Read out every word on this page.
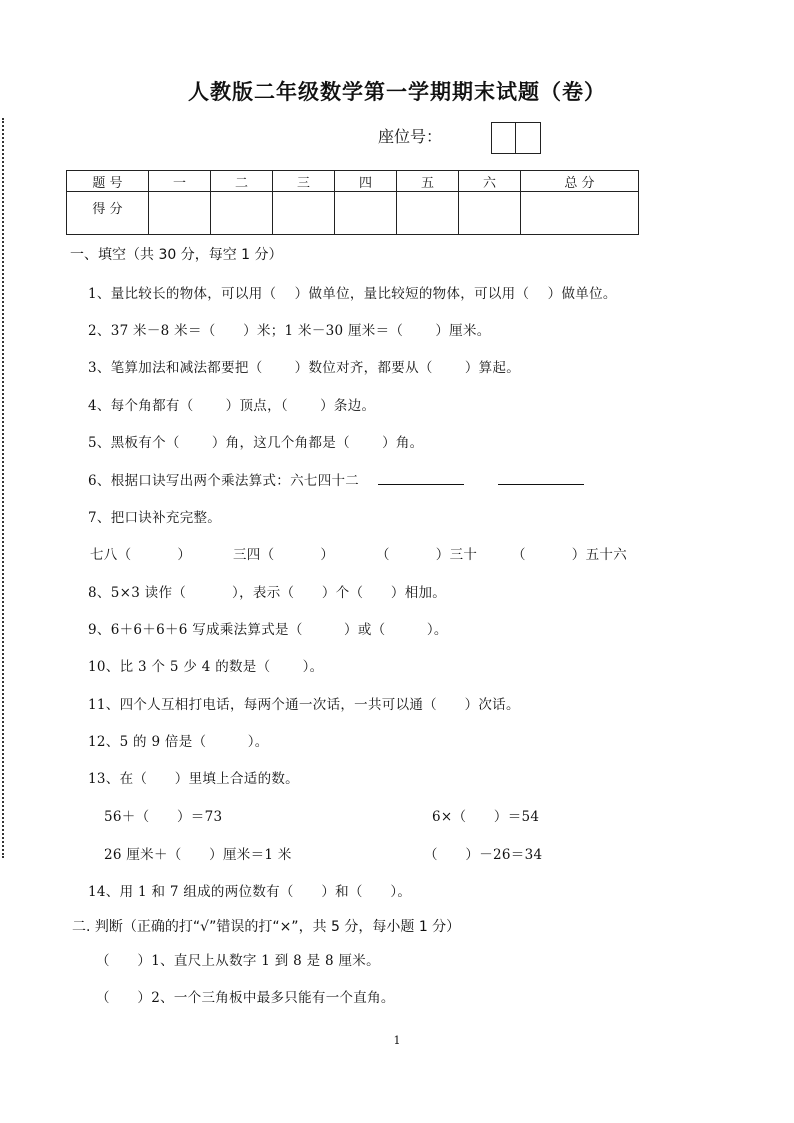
人教版二年级数学第一学期期末试题（卷）
座位号：
题 号	一	二	三	四	五	六	总 分
得 分							
一、填空（共 30 分，每空 1 分）
1、量比较长的物体，可以用（　 ）做单位，量比较短的物体，可以用（　 ）做单位。
2、37 米－8 米＝（　　）米；1 米－30 厘米＝（　　 ）厘米。
3、笔算加法和减法都要把（　　 ）数位对齐，都要从（　　 ）算起。
4、每个角都有（　　 ）顶点，（　　 ）条边。
5、黑板有个（　　 ）角，这几个角都是（　　 ）角。
6、根据口诀写出两个乘法算式：六七四十二
7、把口诀补充完整。
七八（　　　 ）	三四（　　　 ）	（　　　 ）三十	（　　　 ）五十六
8、5×3 读作（　　　 ），表示（　　）个（　　）相加。
9、6＋6＋6＋6 写成乘法算式是（　　　）或（　　　）。
10、比 3 个 5 少 4 的数是（　　 ）。
11、四个人互相打电话，每两个通一次话，一共可以通（　　）次话。
12、5 的 9 倍是（　　　）。
13、在（　　）里填上合适的数。
56＋（　　）＝73	6×（　　）＝54
26 厘米＋（　　）厘米＝1 米	（　　）－26＝34
14、用 1 和 7 组成的两位数有（　　）和（　　）。
二. 判断（正确的打“√”错误的打“×”，共 5 分，每小题 1 分）
（　　）1、直尺上从数字 1 到 8 是 8 厘米。
（　　）2、一个三角板中最多只能有一个直角。
1
